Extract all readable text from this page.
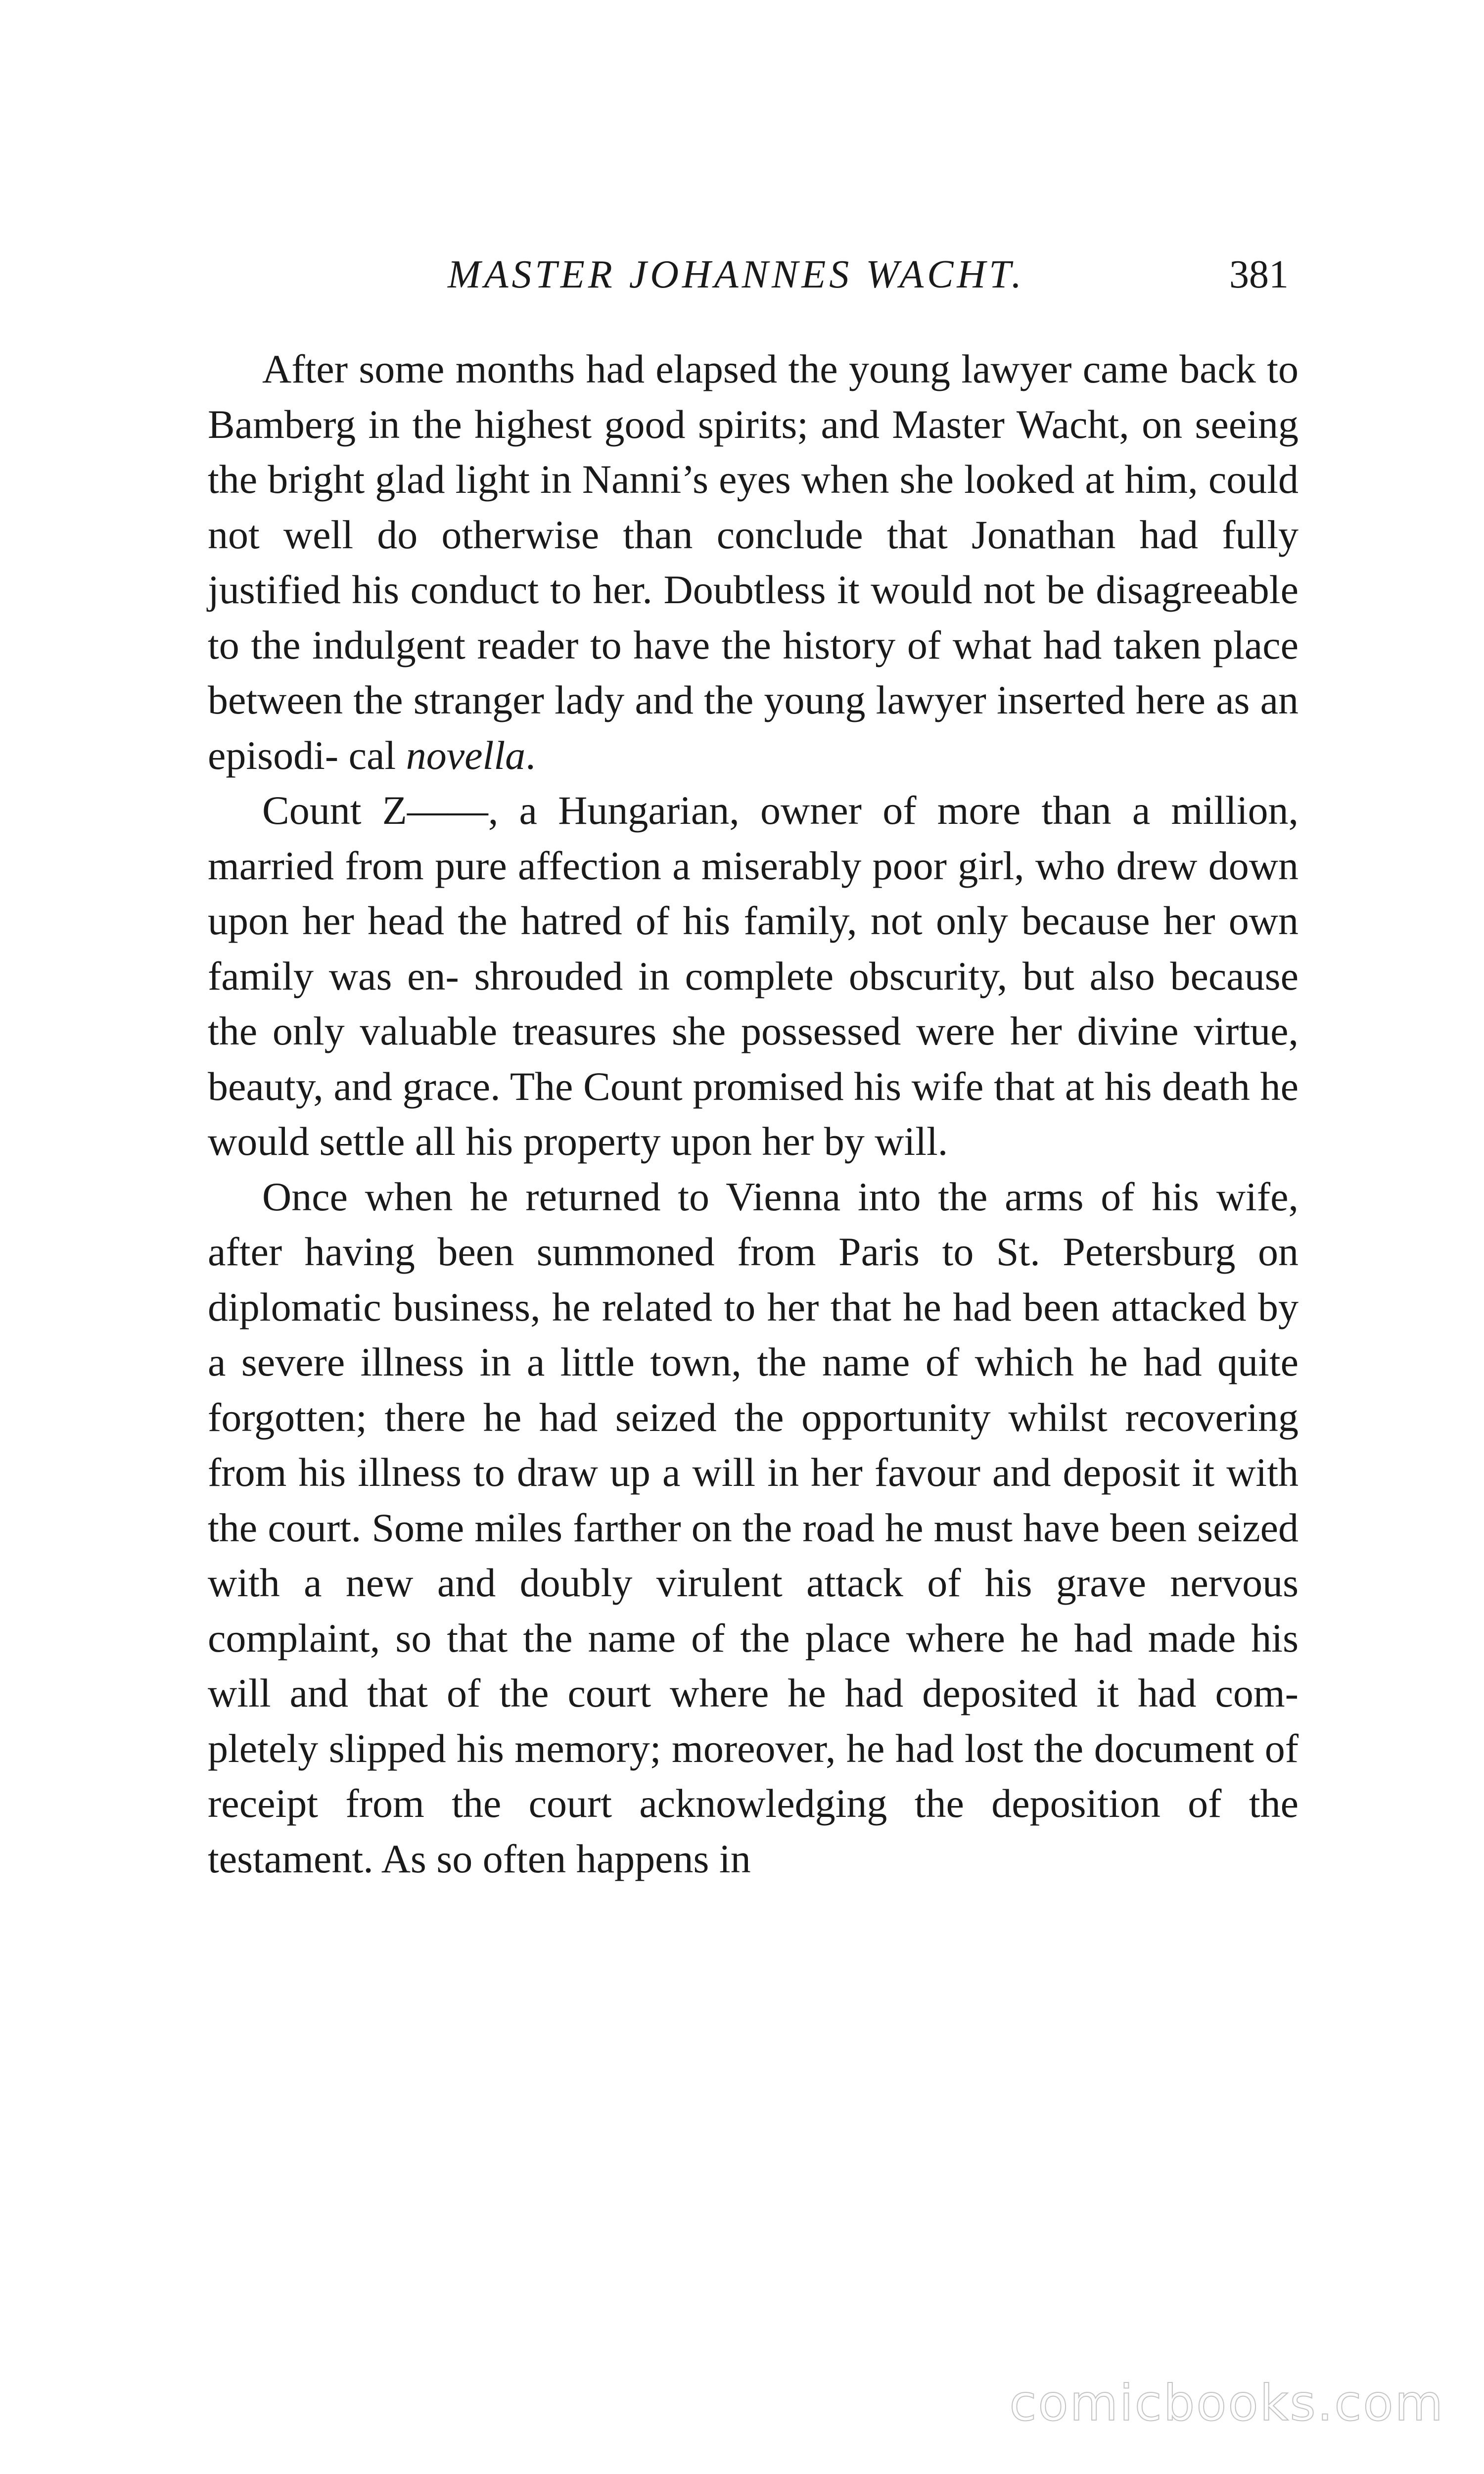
MASTER JOHANNES WACHT.	381

After some months had elapsed the young lawyer came back to Bamberg in the highest good spirits; and Master Wacht, on seeing the bright glad light in Nanni’s eyes when she looked at him, could not well do otherwise than conclude that Jonathan had fully justified his conduct to her. Doubtless it would not be disagreeable to the indulgent reader to have the history of what had taken place between the stranger lady and the young lawyer inserted here as an episodi- cal novella.

Count Z——, a Hungarian, owner of more than a million, married from pure affection a miserably poor girl, who drew down upon her head the hatred of his family, not only because her own family was en- shrouded in complete obscurity, but also because the only valuable treasures she possessed were her divine virtue, beauty, and grace. The Count promised his wife that at his death he would settle all his property upon her by will.

Once when he returned to Vienna into the arms of his wife, after having been summoned from Paris to St. Petersburg on diplomatic business, he related to her that he had been attacked by a severe illness in a little town, the name of which he had quite forgotten; there he had seized the opportunity whilst recovering from his illness to draw up a will in her favour and deposit it with the court. Some miles farther on the road he must have been seized with a new and doubly virulent attack of his grave nervous complaint, so that the name of the place where he had made his will and that of the court where he had deposited it had com- pletely slipped his memory; moreover, he had lost the document of receipt from the court acknowledging the deposition of the testament. As so often happens in

comicbooks.com
